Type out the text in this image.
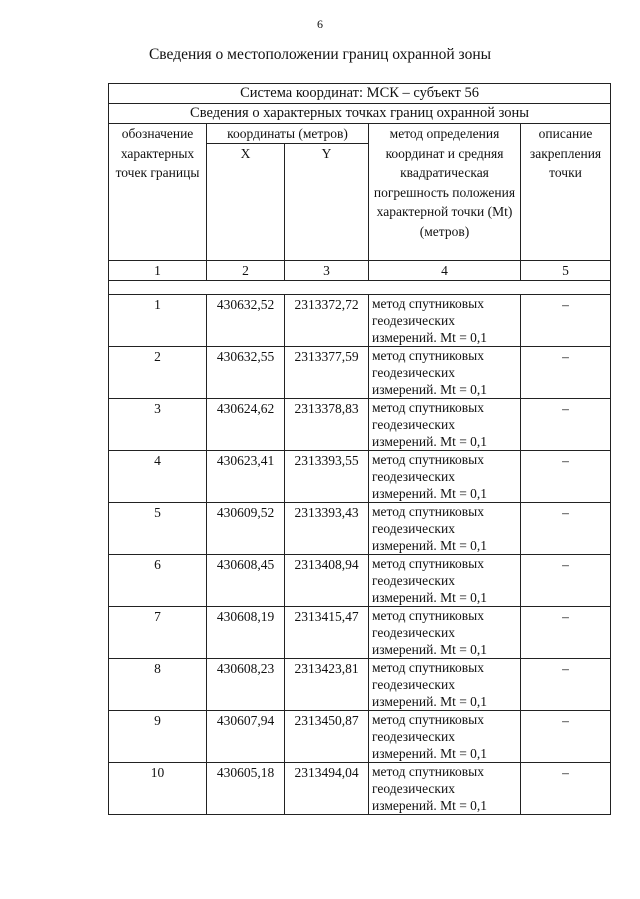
6
Сведения о местоположении границ охранной зоны
Система координат: МСК – субъект 56				
Сведения о характерных точках границ охранной зоны				
обозначение характерных точек границы	координаты (метров)		метод определения координат и средняя квадратическая погрешность положения характерной точки (Mt) (метров)	описание закрепления точки
	X	Y		
1	2	3	4	5

1	430632,52	2313372,72	метод спутниковых геодезических измерений. Mt = 0,1	–
2	430632,55	2313377,59	метод спутниковых геодезических измерений. Mt = 0,1	–
3	430624,62	2313378,83	метод спутниковых геодезических измерений. Mt = 0,1	–
4	430623,41	2313393,55	метод спутниковых геодезических измерений. Mt = 0,1	–
5	430609,52	2313393,43	метод спутниковых геодезических измерений. Mt = 0,1	–
6	430608,45	2313408,94	метод спутниковых геодезических измерений. Mt = 0,1	–
7	430608,19	2313415,47	метод спутниковых геодезических измерений. Mt = 0,1	–
8	430608,23	2313423,81	метод спутниковых геодезических измерений. Mt = 0,1	–
9	430607,94	2313450,87	метод спутниковых геодезических измерений. Mt = 0,1	–
10	430605,18	2313494,04	метод спутниковых геодезических измерений. Mt = 0,1	–
